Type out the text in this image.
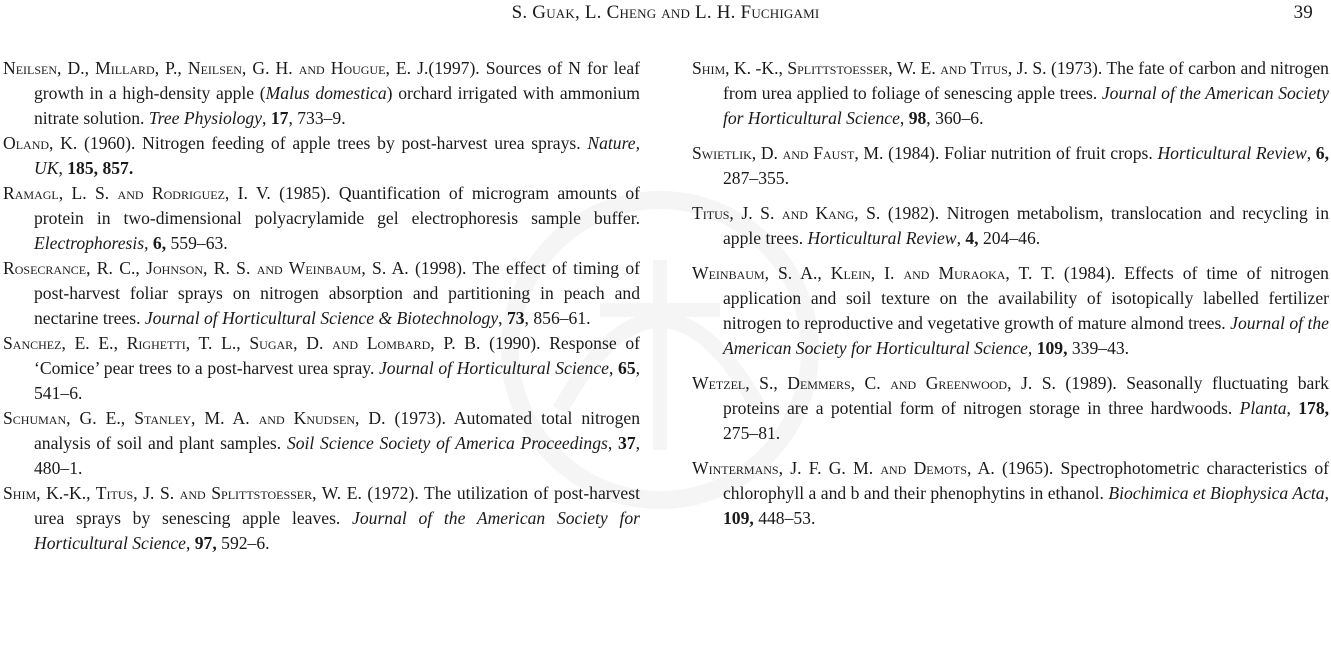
S. Guak, L. Cheng and L. H. Fuchigami	39

Neilsen, D., Millard, P., Neilsen, G. H. and Hougue, E. J.(1997). Sources of N for leaf growth in a high-density apple (Malus domestica) orchard irrigated with ammonium nitrate solution. Tree Physiology, 17, 733–9.

Oland, K. (1960). Nitrogen feeding of apple trees by post-harvest urea sprays. Nature, UK, 185, 857.

Ramagl, L. S. and Rodriguez, I. V. (1985). Quantification of microgram amounts of protein in two-dimensional polyacrylamide gel electrophoresis sample buffer. Electrophoresis, 6, 559–63.

Rosecrance, R. C., Johnson, R. S. and Weinbaum, S. A. (1998). The effect of timing of post-harvest foliar sprays on nitrogen absorption and partitioning in peach and nectarine trees. Journal of Horticultural Science & Biotechnology, 73, 856–61.

Sanchez, E. E., Righetti, T. L., Sugar, D. and Lombard, P. B. (1990). Response of ‘Comice’ pear trees to a post-harvest urea spray. Journal of Horticultural Science, 65, 541–6.

Schuman, G. E., Stanley, M. A. and Knudsen, D. (1973). Automated total nitrogen analysis of soil and plant samples. Soil Science Society of America Proceedings, 37, 480–1.

Shim, K.-K., Titus, J. S. and Splittstoesser, W. E. (1972). The utilization of post-harvest urea sprays by senescing apple leaves. Journal of the American Society for Horticultural Science, 97, 592–6.

Shim, K. -K., Splittstoesser, W. E. and Titus, J. S. (1973). The fate of carbon and nitrogen from urea applied to foliage of senescing apple trees. Journal of the American Society for Horticultural Science, 98, 360–6.

Swietlik, D. and Faust, M. (1984). Foliar nutrition of fruit crops. Horticultural Review, 6, 287–355.

Titus, J. S. and Kang, S. (1982). Nitrogen metabolism, translocation and recycling in apple trees. Horticultural Review, 4, 204–46.

Weinbaum, S. A., Klein, I. and Muraoka, T. T. (1984). Effects of time of nitrogen application and soil texture on the availability of isotopically labelled fertilizer nitrogen to reproductive and vegetative growth of mature almond trees. Journal of the American Society for Horticultural Science, 109, 339–43.

Wetzel, S., Demmers, C. and Greenwood, J. S. (1989). Seasonally fluctuating bark proteins are a potential form of nitrogen storage in three hardwoods. Planta, 178, 275–81.

Wintermans, J. F. G. M. and Demots, A. (1965). Spectrophotometric characteristics of chlorophyll a and b and their phenophytins in ethanol. Biochimica et Biophysica Acta, 109, 448–53.
